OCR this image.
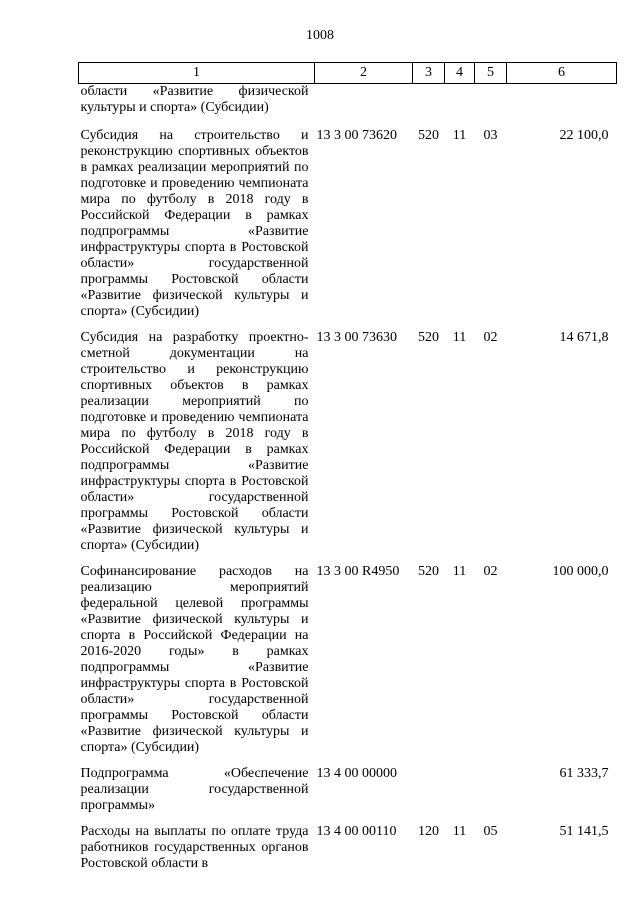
1008
1	2	3	4	5	6
области «Развитие физической культуры и спорта» (Субсидии)					
Субсидия на строительство и реконструкцию спортивных объектов в рамках реализации мероприятий по подготовке и проведению чемпионата мира по футболу в 2018 году в Российской Федерации в рамках подпрограммы «Развитие инфраструктуры спорта в Ростовской области» государственной программы Ростовской области «Развитие физической культуры и спорта» (Субсидии)	13 3 00 73620	520	11	03	22 100,0
Субсидия на разработку проектно-сметной документации на строительство и реконструкцию спортивных объектов в рамках реализации мероприятий по подготовке и проведению чемпионата мира по футболу в 2018 году в Российской Федерации в рамках подпрограммы «Развитие инфраструктуры спорта в Ростовской области» государственной программы Ростовской области «Развитие физической культуры и спорта» (Субсидии)	13 3 00 73630	520	11	02	14 671,8
Софинансирование расходов на реализацию мероприятий федеральной целевой программы «Развитие физической культуры и спорта в Российской Федерации на 2016-2020 годы» в рамках подпрограммы «Развитие инфраструктуры спорта в Ростовской области» государственной программы Ростовской области «Развитие физической культуры и спорта» (Субсидии)	13 3 00 R4950	520	11	02	100 000,0
Подпрограмма «Обеспечение реализации государственной программы»	13 4 00 00000				61 333,7
Расходы на выплаты по оплате труда работников государственных органов Ростовской области в	13 4 00 00110	120	11	05	51 141,5
